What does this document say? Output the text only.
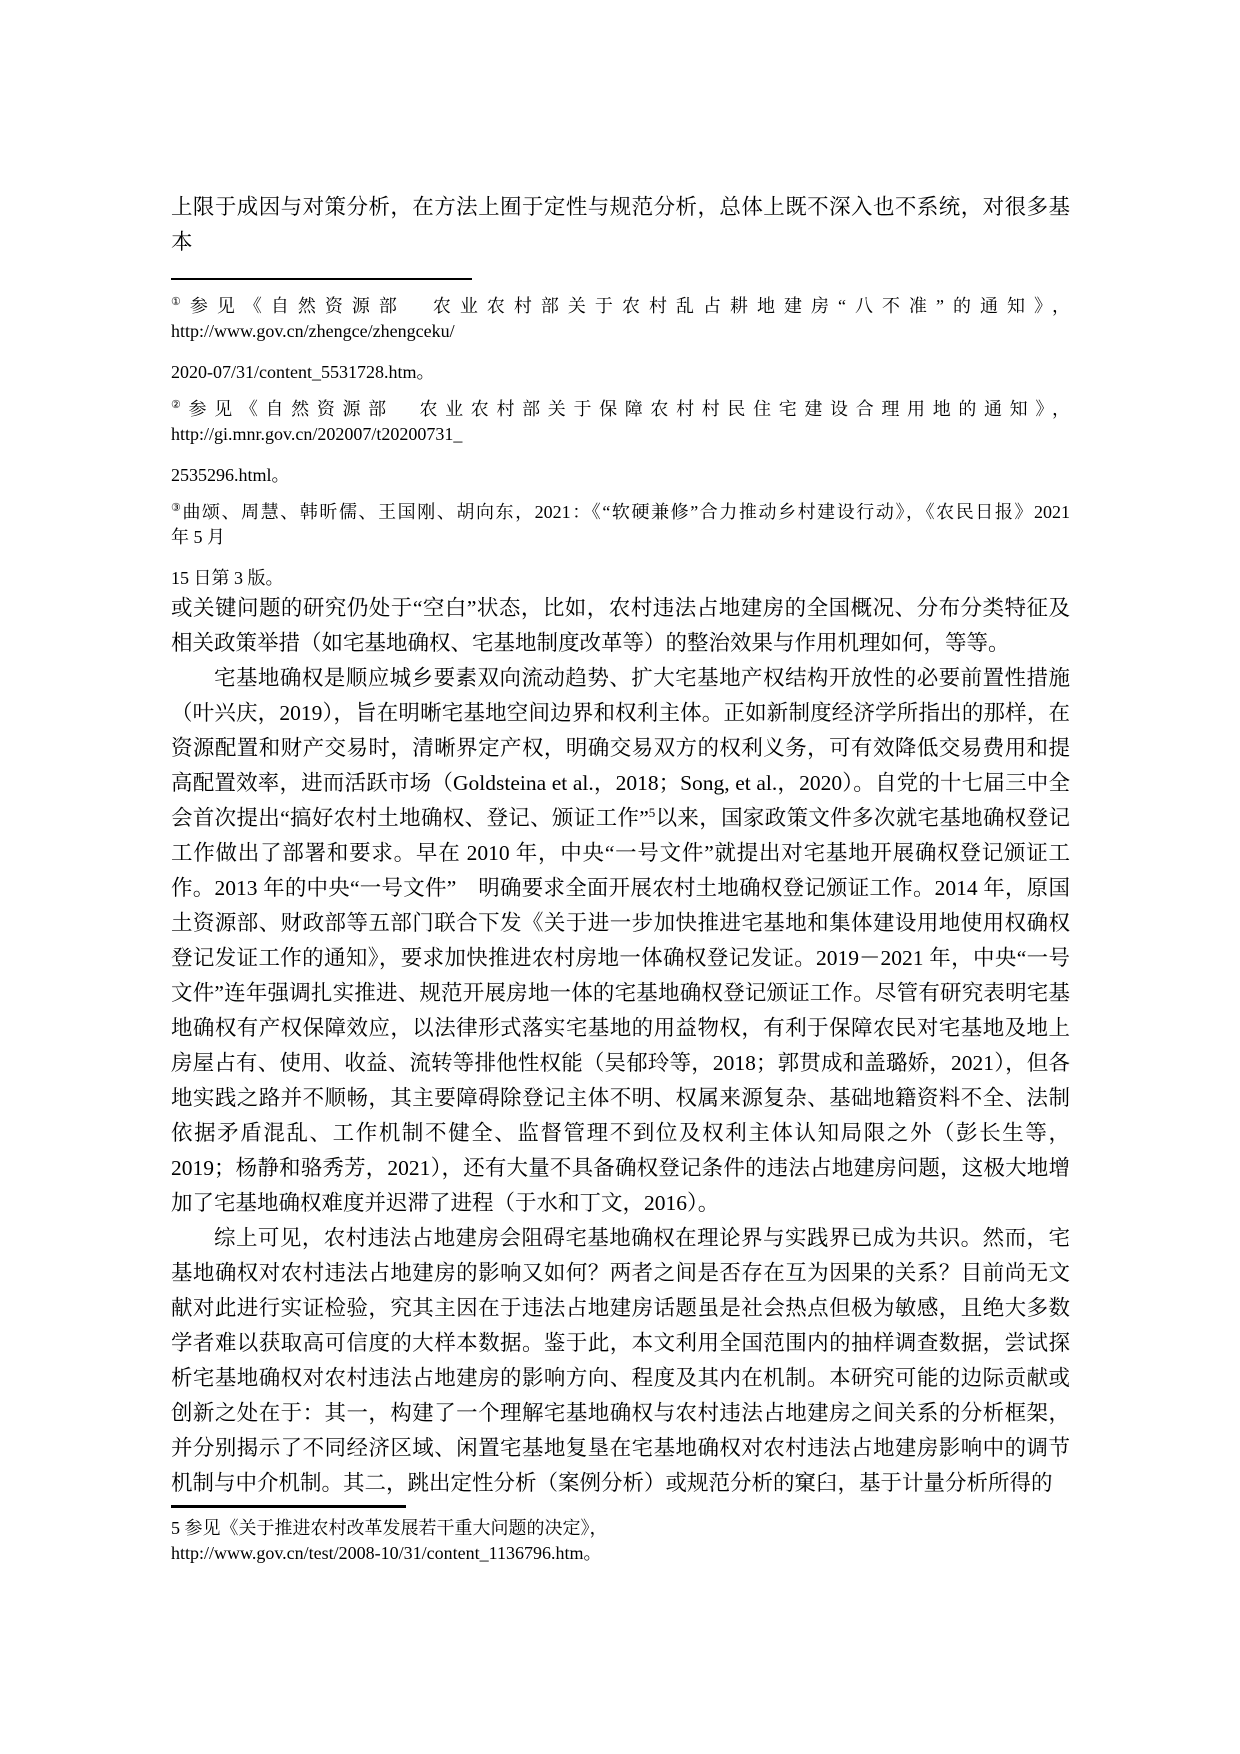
上限于成因与对策分析，在方法上囿于定性与规范分析，总体上既不深入也不系统，对很多基本

①参见《自然资源部　农业农村部关于农村乱占耕地建房“八不准”的通知》，

http://www.gov.cn/zhengce/zhengceku/

2020-07/31/content_5531728.htm。

②参见《自然资源部　农业农村部关于保障农村村民住宅建设合理用地的通知》，

http://gi.mnr.gov.cn/202007/t20200731_

2535296.html。

③曲颂、周慧、韩昕儒、王国刚、胡向东，2021：《“软硬兼修”合力推动乡村建设行动》，《农民日报》2021

年 5 月

15 日第 3 版。

或关键问题的研究仍处于“空白”状态，比如，农村违法占地建房的全国概况、分布分类特征及相关政策举措（如宅基地确权、宅基地制度改革等）的整治效果与作用机理如何，等等。

宅基地确权是顺应城乡要素双向流动趋势、扩大宅基地产权结构开放性的必要前置性措施（叶兴庆，2019），旨在明晰宅基地空间边界和权利主体。正如新制度经济学所指出的那样，在资源配置和财产交易时，清晰界定产权，明确交易双方的权利义务，可有效降低交易费用和提高配置效率，进而活跃市场（Goldsteina et al.，2018；Song, et al.，2020）。自党的十七届三中全会首次提出“搞好农村土地确权、登记、颁证工作”$^5$以来，国家政策文件多次就宅基地确权登记工作做出了部署和要求。早在 2010 年，中央“一号文件”就提出对宅基地开展确权登记颁证工作。2013 年的中央“一号文件”　明确要求全面开展农村土地确权登记颁证工作。2014 年，原国土资源部、财政部等五部门联合下发《关于进一步加快推进宅基地和集体建设用地使用权确权登记发证工作的通知》，要求加快推进农村房地一体确权登记发证。2019－2021 年，中央“一号文件”连年强调扎实推进、规范开展房地一体的宅基地确权登记颁证工作。尽管有研究表明宅基地确权有产权保障效应，以法律形式落实宅基地的用益物权，有利于保障农民对宅基地及地上房屋占有、使用、收益、流转等排他性权能（吴郁玲等，2018；郭贯成和盖璐娇，2021），但各地实践之路并不顺畅，其主要障碍除登记主体不明、权属来源复杂、基础地籍资料不全、法制依据矛盾混乱、工作机制不健全、监督管理不到位及权利主体认知局限之外（彭长生等，2019；杨静和骆秀芳，2021），还有大量不具备确权登记条件的违法占地建房问题，这极大地增加了宅基地确权难度并迟滞了进程（于水和丁文，2016）。

综上可见，农村违法占地建房会阻碍宅基地确权在理论界与实践界已成为共识。然而，宅基地确权对农村违法占地建房的影响又如何？两者之间是否存在互为因果的关系？目前尚无文献对此进行实证检验，究其主因在于违法占地建房话题虽是社会热点但极为敏感，且绝大多数学者难以获取高可信度的大样本数据。鉴于此，本文利用全国范围内的抽样调查数据，尝试探析宅基地确权对农村违法占地建房的影响方向、程度及其内在机制。本研究可能的边际贡献或创新之处在于：其一，构建了一个理解宅基地确权与农村违法占地建房之间关系的分析框架，并分别揭示了不同经济区域、闲置宅基地复垦在宅基地确权对农村违法占地建房影响中的调节机制与中介机制。其二，跳出定性分析（案例分析）或规范分析的窠臼，基于计量分析所得的

5 参见《关于推进农村改革发展若干重大问题的决定》，

http://www.gov.cn/test/2008-10/31/content_1136796.htm。
